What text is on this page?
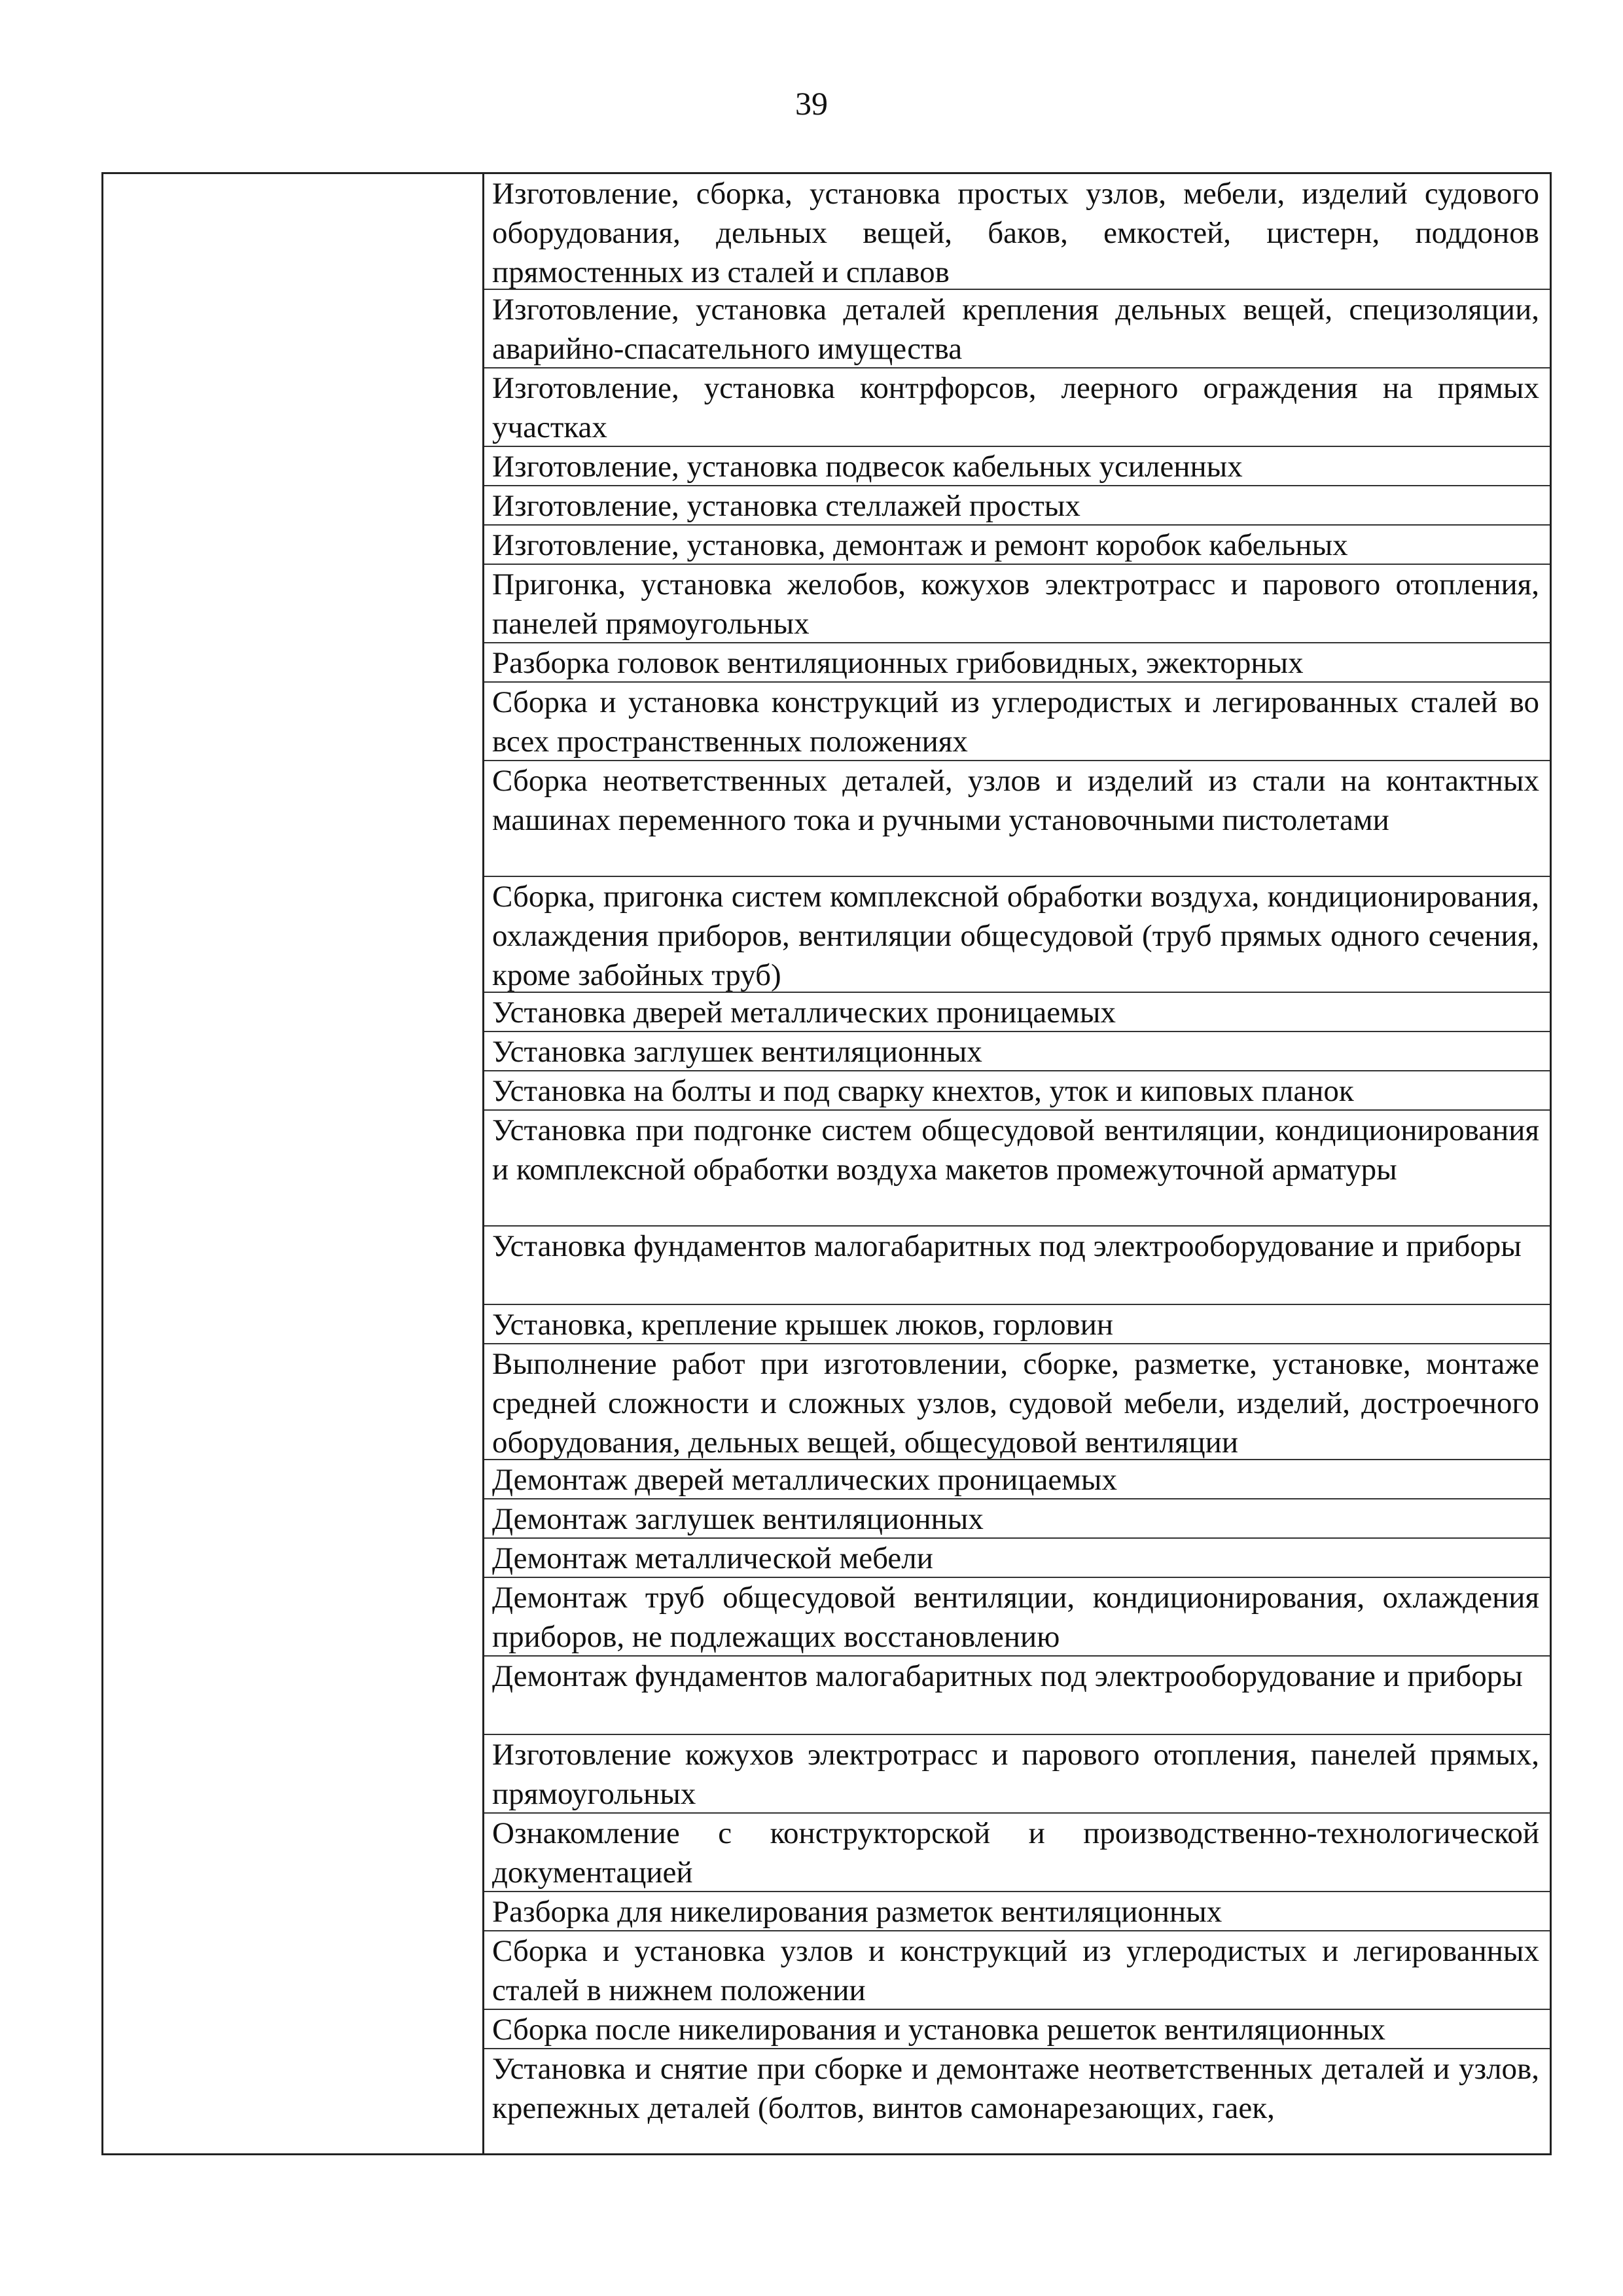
39
Изготовление, сборка, установка простых узлов, мебели, изделий судового оборудования, дельных вещей, баков, емкостей, цистерн, поддонов прямостенных из сталей и сплавов
Изготовление, установка деталей крепления дельных вещей, специзоляции, аварийно-спасательного имущества
Изготовление, установка контрфорсов, леерного ограждения на прямых участках
Изготовление, установка подвесок кабельных усиленных
Изготовление, установка стеллажей простых
Изготовление, установка, демонтаж и ремонт коробок кабельных
Пригонка, установка желобов, кожухов электротрасс и парового отопления, панелей прямоугольных
Разборка головок вентиляционных грибовидных, эжекторных
Сборка и установка конструкций из углеродистых и легированных сталей во всех пространственных положениях
Сборка неответственных деталей, узлов и изделий из стали на контактных машинах переменного тока и ручными установочными пистолетами
Сборка, пригонка систем комплексной обработки воздуха, кондиционирования, охлаждения приборов, вентиляции общесудовой (труб прямых одного сечения, кроме забойных труб)
Установка дверей металлических проницаемых
Установка заглушек вентиляционных
Установка на болты и под сварку кнехтов, уток и киповых планок
Установка при подгонке систем общесудовой вентиляции, кондиционирования и комплексной обработки воздуха макетов промежуточной арматуры
Установка фундаментов малогабаритных под электрооборудование и приборы
Установка, крепление крышек люков, горловин
Выполнение работ при изготовлении, сборке, разметке, установке, монтаже средней сложности и сложных узлов, судовой мебели, изделий, достроечного оборудования, дельных вещей, общесудовой вентиляции
Демонтаж дверей металлических проницаемых
Демонтаж заглушек вентиляционных
Демонтаж металлической мебели
Демонтаж труб общесудовой вентиляции, кондиционирования, охлаждения приборов, не подлежащих восстановлению
Демонтаж фундаментов малогабаритных под электрооборудование и приборы
Изготовление кожухов электротрасс и парового отопления, панелей прямых, прямоугольных
Ознакомление с конструкторской и производственно-технологической документацией
Разборка для никелирования разметок вентиляционных
Сборка и установка узлов и конструкций из углеродистых и легированных сталей в нижнем положении
Сборка после никелирования и установка решеток вентиляционных
Установка и снятие при сборке и демонтаже неответственных деталей и узлов, крепежных деталей (болтов, винтов самонарезающих, гаек,
